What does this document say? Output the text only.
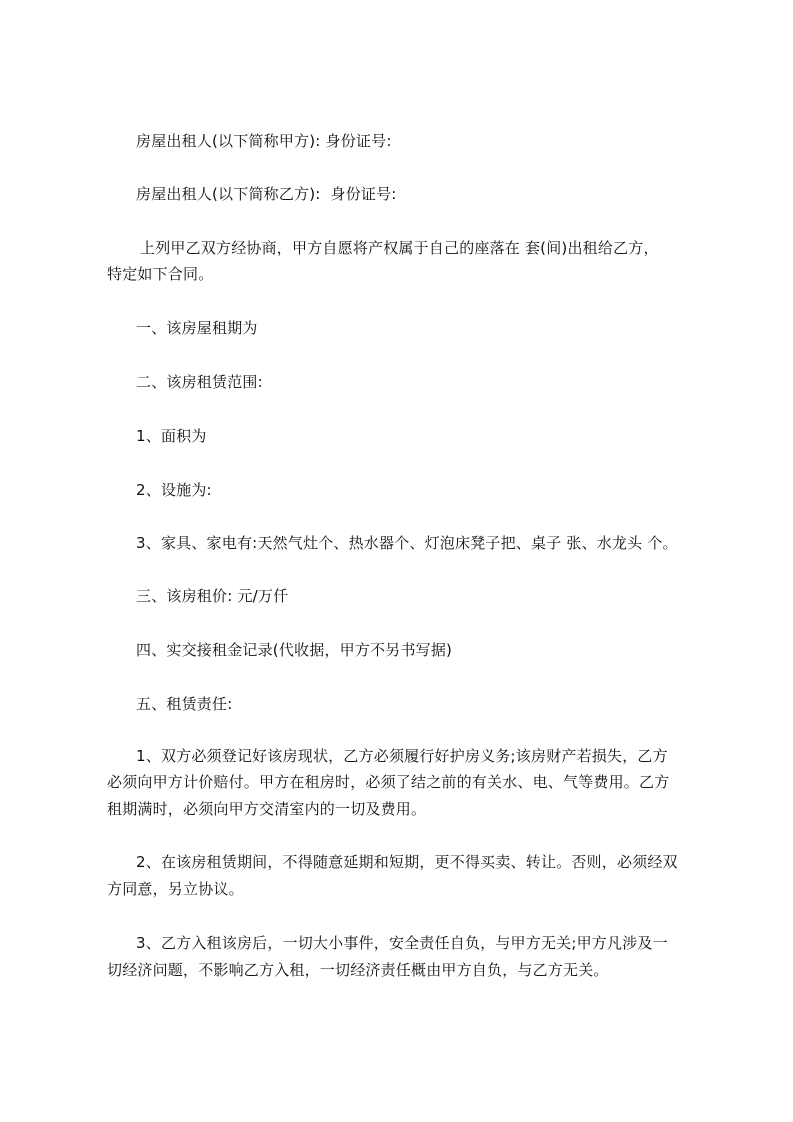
房屋出租人(以下简称甲方): 身份证号:
房屋出租人(以下简称乙方):  身份证号:
上列甲乙双方经协商，甲方自愿将产权属于自己的座落在 套(间)出租给乙方，
特定如下合同。
一、该房屋租期为
二、该房租赁范围:
1、面积为
2、设施为:
3、家具、家电有:天然气灶个、热水器个、灯泡床凳子把、桌子 张、水龙头 个。
三、该房租价: 元/万仟
四、实交接租金记录(代收据，甲方不另书写据)
五、租赁责任:
1、双方必须登记好该房现状，乙方必须履行好护房义务;该房财产若损失，乙方
必须向甲方计价赔付。甲方在租房时，必须了结之前的有关水、电、气等费用。乙方
租期满时，必须向甲方交清室内的一切及费用。
2、在该房租赁期间，不得随意延期和短期，更不得买卖、转让。否则，必须经双
方同意，另立协议。
3、乙方入租该房后，一切大小事件，安全责任自负，与甲方无关;甲方凡涉及一
切经济问题，不影响乙方入租，一切经济责任概由甲方自负，与乙方无关。
